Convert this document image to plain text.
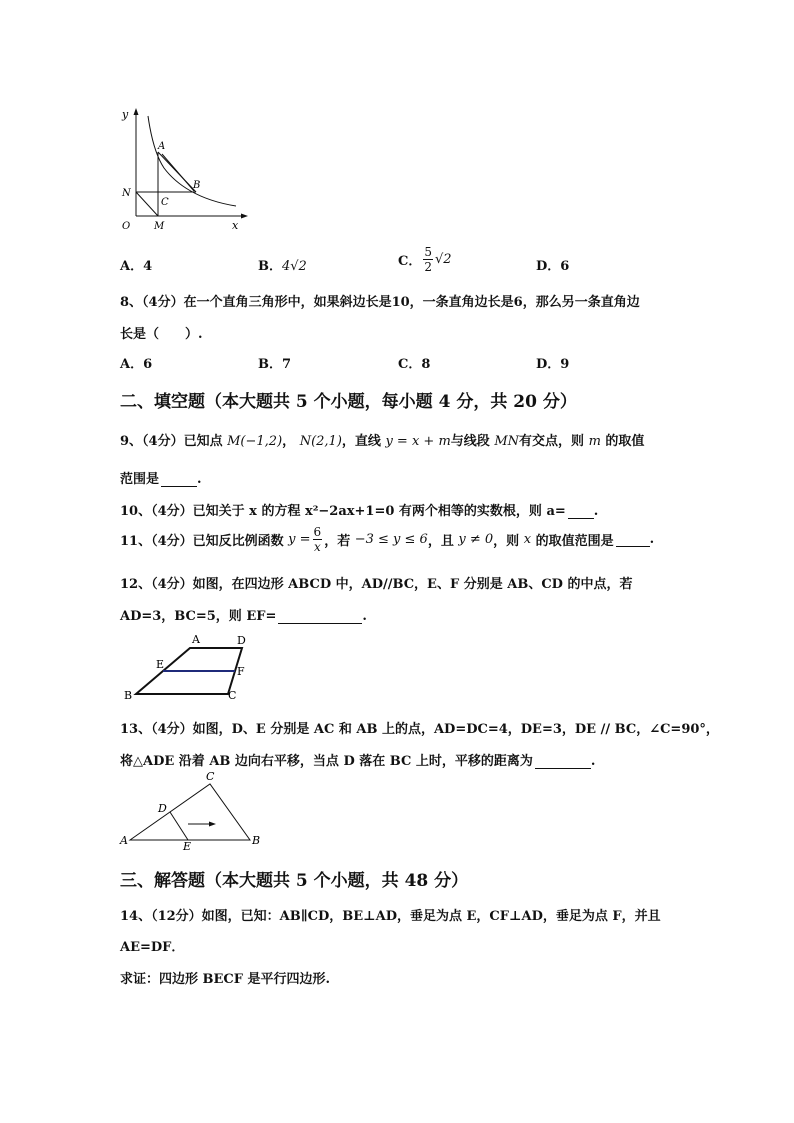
y
A
N
B
C
O M	x
A．4	B．4√2	C． $\frac{5}{2} √2$	D．6
8、（4分）在一个直角三角形中，如果斜边长是10，一条直角边长是6，那么另一条直角边
长是（　　）.
A．6	B．7	C．8	D．9
二、填空题（本大题共 5 个小题，每小题 4 分，共 20 分）
9、（4分）已知点 M(−1,2)， N(2,1)，直线 y = x + m与线段 MN有交点，则 m 的取值
范围是	.
10、（4分）已知关于 x 的方程 x²−2ax+1=0 有两个相等的实数根，则 a= .
11、（4分）已知反比例函数 $y = \frac{6}{x}$ ，若 −3 ≤ y ≤ 6，且 y ≠ 0，则 x 的取值范围是	.
12、（4分）如图，在四边形 ABCD 中，AD//BC，E、F 分别是 AB、CD 的中点，若
AD=3，BC=5，则 EF=	.
A	D
E
F
B	C
13、（4分）如图，D、E 分别是 AC 和 AB 上的点，AD=DC=4，DE=3，DE // BC，∠C=90°，
将△ADE 沿着 AB 边向右平移，当点 D 落在 BC 上时，平移的距离为	.
C
D
A	E	B
三、解答题（本大题共 5 个小题，共 48 分）
14、（12分）如图，已知：AB∥CD，BE⊥AD，垂足为点 E，CF⊥AD，垂足为点 F，并且
AE=DF．
求证：四边形 BECF 是平行四边形.
